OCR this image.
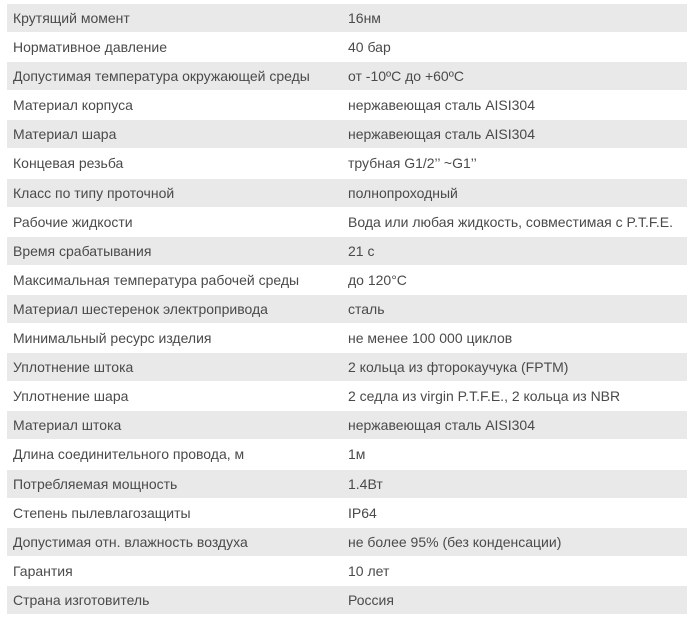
Крутящий момент	16нм
Нормативное давление	40 бар
Допустимая температура окружающей среды	от -10ºС до +60ºС
Материал корпуса	нержавеющая сталь AISI304
Материал шара	нержавеющая сталь AISI304
Концевая резьба	трубная G1/2’’ ~G1’’
Класс по типу проточной	полнопроходный
Рабочие жидкости	Вода или любая жидкость, совместимая с P.T.F.E.
Время срабатывания	21 с
Максимальная температура рабочей среды	до 120°С
Материал шестеренок электропривода	сталь
Минимальный ресурс изделия	не менее 100 000 циклов
Уплотнение штока	2 кольца из фторокаучука (FPTM)
Уплотнение шара	2 седла из virgin P.T.F.E., 2 кольца из NBR
Материал штока	нержавеющая сталь AISI304
Длина соединительного провода, м	1м
Потребляемая мощность	1.4Вт
Степень пылевлагозащиты	IP64
Допустимая отн. влажность воздуха	не более 95% (без конденсации)
Гарантия	10 лет
Страна изготовитель	Россия
